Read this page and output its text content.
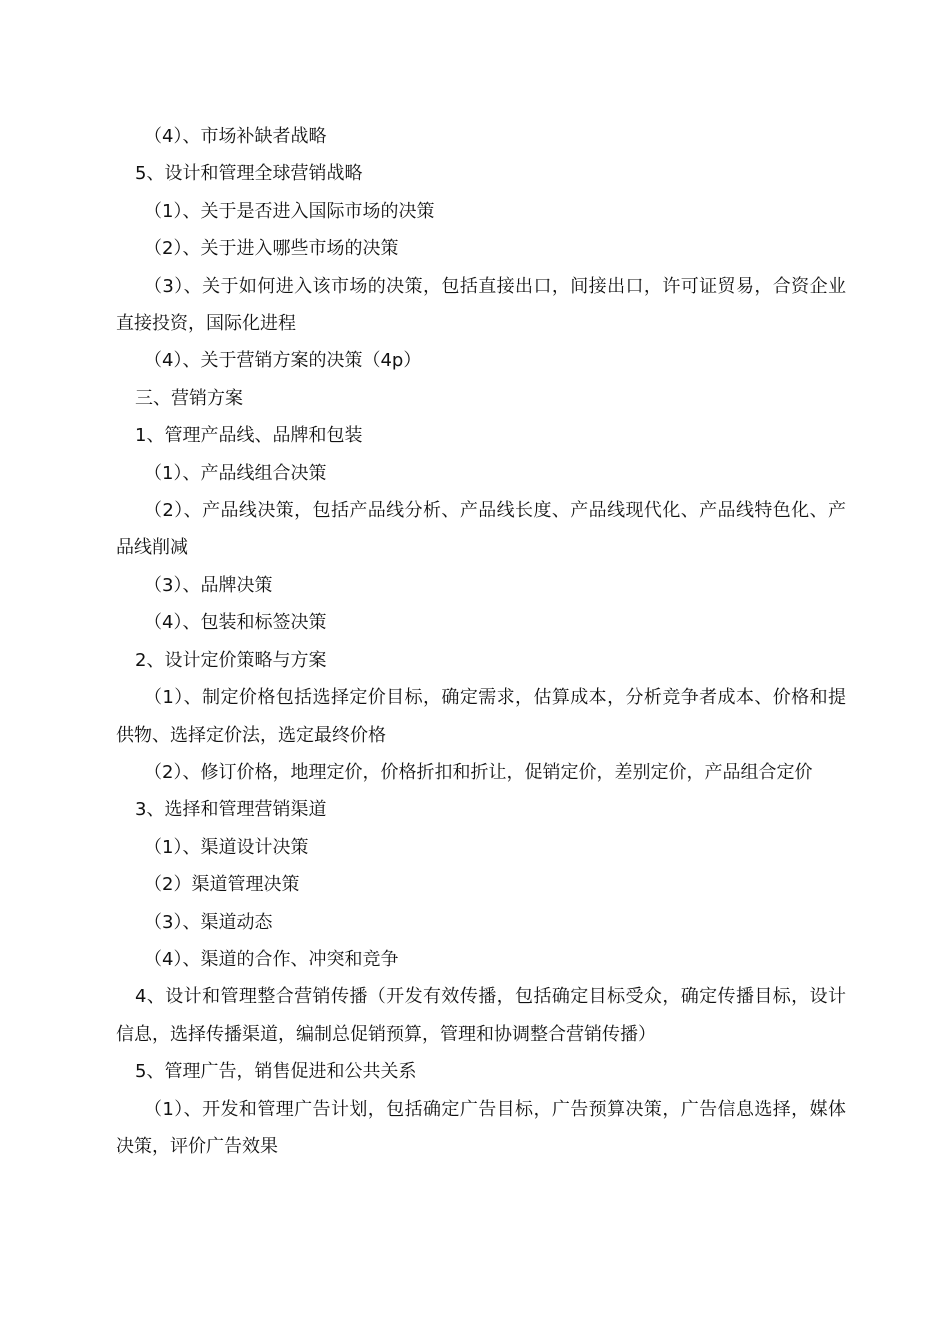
（4）、市场补缺者战略

5、设计和管理全球营销战略

（1）、关于是否进入国际市场的决策

（2）、关于进入哪些市场的决策

（3）、关于如何进入该市场的决策，包括直接出口，间接出口，许可证贸易，合资企业直接投资，国际化进程

（4）、关于营销方案的决策（4p）

三、营销方案

1、管理产品线、品牌和包装

（1）、产品线组合决策

（2）、产品线决策，包括产品线分析、产品线长度、产品线现代化、产品线特色化、产品线削减

（3）、品牌决策

（4）、包装和标签决策

2、设计定价策略与方案

（1）、制定价格包括选择定价目标，确定需求，估算成本，分析竞争者成本、价格和提供物、选择定价法，选定最终价格

（2）、修订价格，地理定价，价格折扣和折让，促销定价，差别定价，产品组合定价

3、选择和管理营销渠道

（1）、渠道设计决策

（2）渠道管理决策

（3）、渠道动态

（4）、渠道的合作、冲突和竞争

4、设计和管理整合营销传播（开发有效传播，包括确定目标受众，确定传播目标，设计信息，选择传播渠道，编制总促销预算，管理和协调整合营销传播）

5、管理广告，销售促进和公共关系

（1）、开发和管理广告计划，包括确定广告目标，广告预算决策，广告信息选择，媒体决策，评价广告效果
